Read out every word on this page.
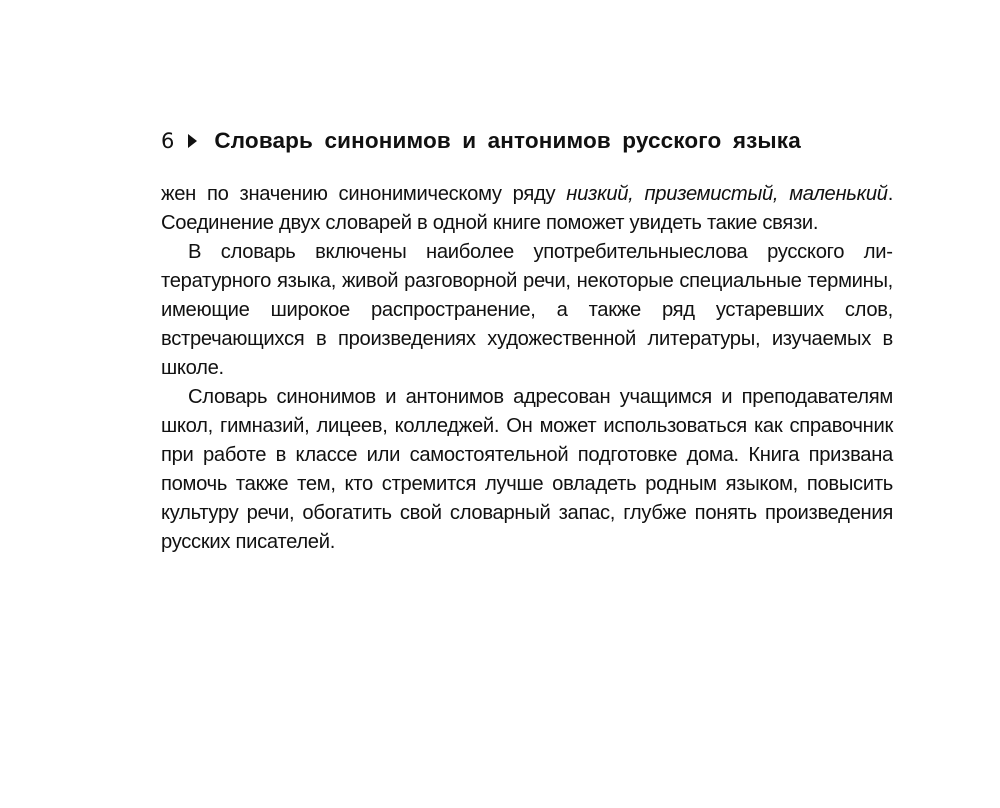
6 Словарь синонимов и антонимов русского языка

жен по значению синонимическому ряду низкий, приземистый, маленький. Соединение двух словарей в одной книге поможет увидеть такие связи.

В словарь включены наиболее употребительныеслова русского литературного языка, живой разговорной речи, некоторые специальные термины, имеющие широкое распространение, а также ряд устаревших слов, встречающихся в произведениях художественной литературы, изучаемых в школе.

Словарь синонимов и антонимов адресован учащимся и преподавателям школ, гимназий, лицеев, колледжей. Он может использоваться как справочник при работе в классе или самостоятельной подготовке дома. Книга призвана помочь также тем, кто стремится лучше овладеть родным языком, повысить культуру речи, обогатить свой словарный запас, глубже понять произведения русских писателей.
